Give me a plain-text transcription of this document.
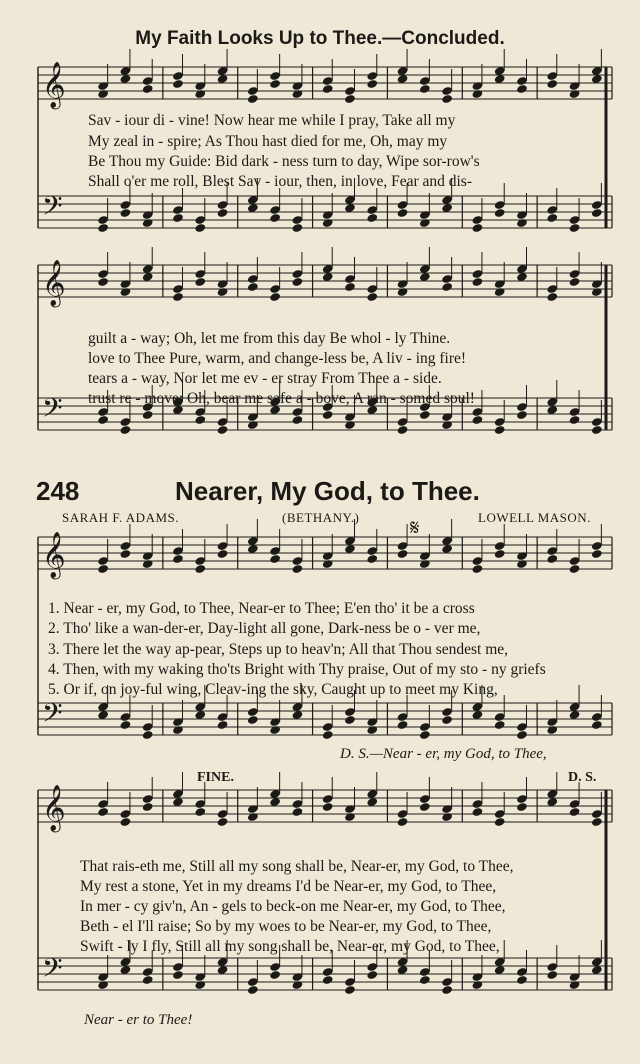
𝄞
𝄢
𝄞
𝄢
𝄞
𝄢
𝄞
𝄢
𝄋
My Faith Looks Up to Thee.—Concluded.
248	Nearer, My God, to Thee.
SARAH F. ADAMS.	(BETHANY.)	LOWELL MASON.
Sav - iour di - vine! Now hear me while I pray, Take all my
My zeal in - spire; As Thou hast died for me, Oh, may my
Be Thou my Guide: Bid dark - ness turn to day, Wipe sor-row's
Shall o'er me roll, Blest Sav - iour, then, in love, Fear and dis-
guilt a - way; Oh, let me from this day Be whol - ly Thine.
love to Thee Pure, warm, and change-less be, A liv - ing fire!
tears a - way, Nor let me ev - er stray From Thee a - side.
trust re - move; Oh, bear me safe a - bove, A ran - somed soul!
1. Near - er, my God, to Thee, Near-er to Thee; E'en tho' it be a cross
2. Tho' like a wan-der-er, Day-light all gone, Dark-ness be o - ver me,
3. There let the way ap-pear, Steps up to heav'n; All that Thou sendest me,
4. Then, with my waking tho'ts Bright with Thy praise, Out of my sto - ny griefs
5. Or if, on joy-ful wing, Cleav-ing the sky, Caught up to meet my King,
D. S.—Near - er, my God, to Thee,
FINE.	D. S.
That rais-eth me, Still all my song shall be, Near-er, my God, to Thee,
My rest a stone, Yet in my dreams I'd be Near-er, my God, to Thee,
In mer - cy giv'n, An - gels to beck-on me Near-er, my God, to Thee,
Beth - el I'll raise; So by my woes to be Near-er, my God, to Thee,
Swift - ly I fly, Still all my song shall be, Near-er, my God, to Thee,
Near - er to Thee!
